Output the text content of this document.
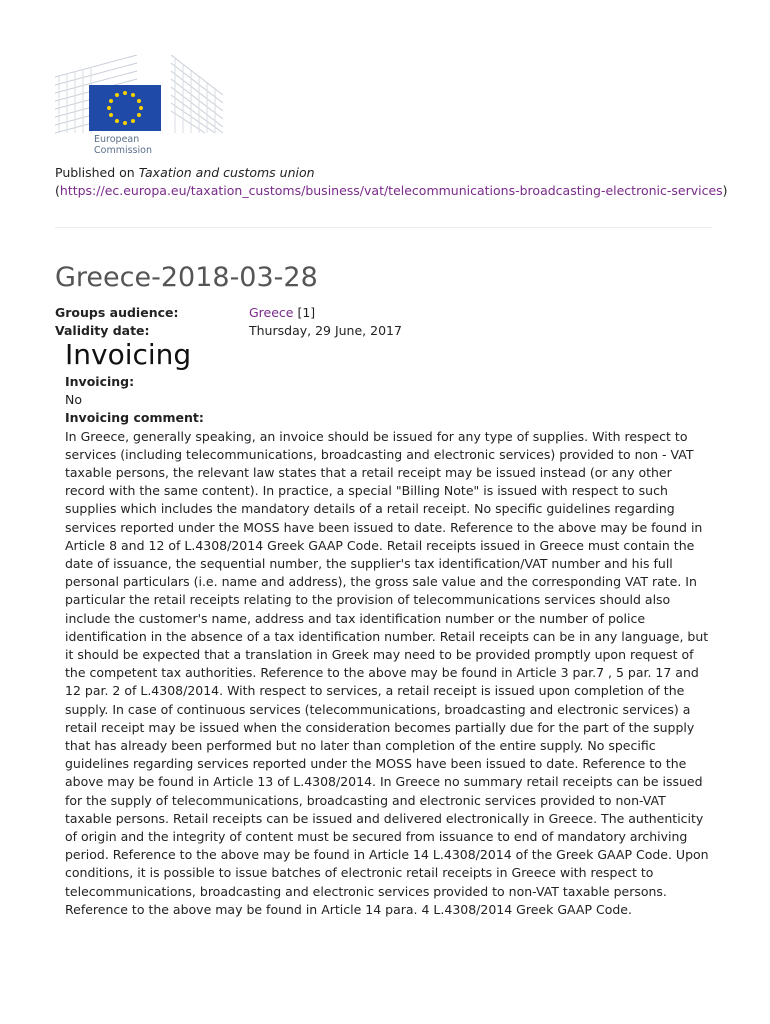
European
Commission
Published on Taxation and customs union
(https://ec.europa.eu/taxation_customs/business/vat/telecommunications-broadcasting-electronic-services)
Greece-2018-03-28
Groups audience:	Greece [1]
Validity date:	Thursday, 29 June, 2017
Invoicing
Invoicing:
No
Invoicing comment:
In Greece, generally speaking, an invoice should be issued for any type of supplies. With respect to services (including telecommunications, broadcasting and electronic services) provided to non - VAT taxable persons, the relevant law states that a retail receipt may be issued instead (or any other record with the same content). In practice, a special "Billing Note" is issued with respect to such supplies which includes the mandatory details of a retail receipt. No specific guidelines regarding services reported under the MOSS have been issued to date. Reference to the above may be found in Article 8 and 12 of L.4308/2014 Greek GAAP Code. Retail receipts issued in Greece must contain the date of issuance, the sequential number, the supplier's tax identification/VAT number and his full personal particulars (i.e. name and address), the gross sale value and the corresponding VAT rate. In particular the retail receipts relating to the provision of telecommunications services should also include the customer's name, address and tax identification number or the number of police identification in the absence of a tax identification number. Retail receipts can be in any language, but it should be expected that a translation in Greek may need to be provided promptly upon request of the competent tax authorities. Reference to the above may be found in Article 3 par.7 , 5 par. 17 and 12 par. 2 of L.4308/2014. With respect to services, a retail receipt is issued upon completion of the supply. In case of continuous services (telecommunications, broadcasting and electronic services) a retail receipt may be issued when the consideration becomes partially due for the part of the supply that has already been performed but no later than completion of the entire supply. No specific guidelines regarding services reported under the MOSS have been issued to date. Reference to the above may be found in Article 13 of L.4308/2014. In Greece no summary retail receipts can be issued for the supply of telecommunications, broadcasting and electronic services provided to non-VAT taxable persons. Retail receipts can be issued and delivered electronically in Greece. The authenticity of origin and the integrity of content must be secured from issuance to end of mandatory archiving period. Reference to the above may be found in Article 14 L.4308/2014 of the Greek GAAP Code. Upon conditions, it is possible to issue batches of electronic retail receipts in Greece with respect to telecommunications, broadcasting and electronic services provided to non-VAT taxable persons. Reference to the above may be found in Article 14 para. 4 L.4308/2014 Greek GAAP Code.
